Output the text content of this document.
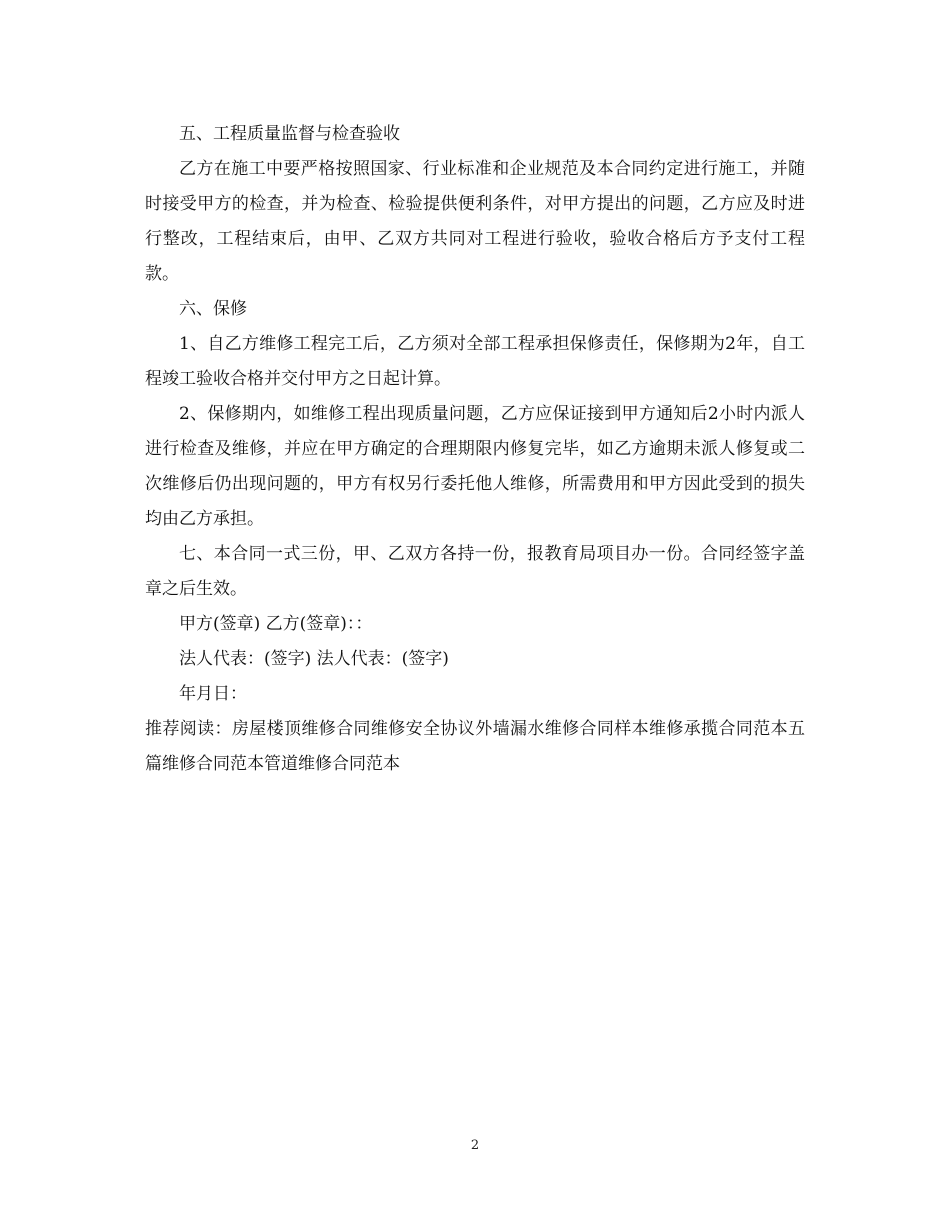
五、工程质量监督与检查验收

乙方在施工中要严格按照国家、行业标准和企业规范及本合同约定进行施工，并随时接受甲方的检查，并为检查、检验提供便利条件，对甲方提出的问题，乙方应及时进行整改，工程结束后，由甲、乙双方共同对工程进行验收，验收合格后方予支付工程款。

六、保修

1、自乙方维修工程完工后，乙方须对全部工程承担保修责任，保修期为2年，自工程竣工验收合格并交付甲方之日起计算。

2、保修期内，如维修工程出现质量问题，乙方应保证接到甲方通知后2小时内派人进行检查及维修，并应在甲方确定的合理期限内修复完毕，如乙方逾期未派人修复或二次维修后仍出现问题的，甲方有权另行委托他人维修，所需费用和甲方因此受到的损失均由乙方承担。

七、本合同一式三份，甲、乙双方各持一份，报教育局项目办一份。合同经签字盖章之后生效。

甲方(签章) 乙方(签章)：：

法人代表：(签字) 法人代表：(签字)

年月日：

推荐阅读：房屋楼顶维修合同维修安全协议外墙漏水维修合同样本维修承揽合同范本五篇维修合同范本管道维修合同范本

2
